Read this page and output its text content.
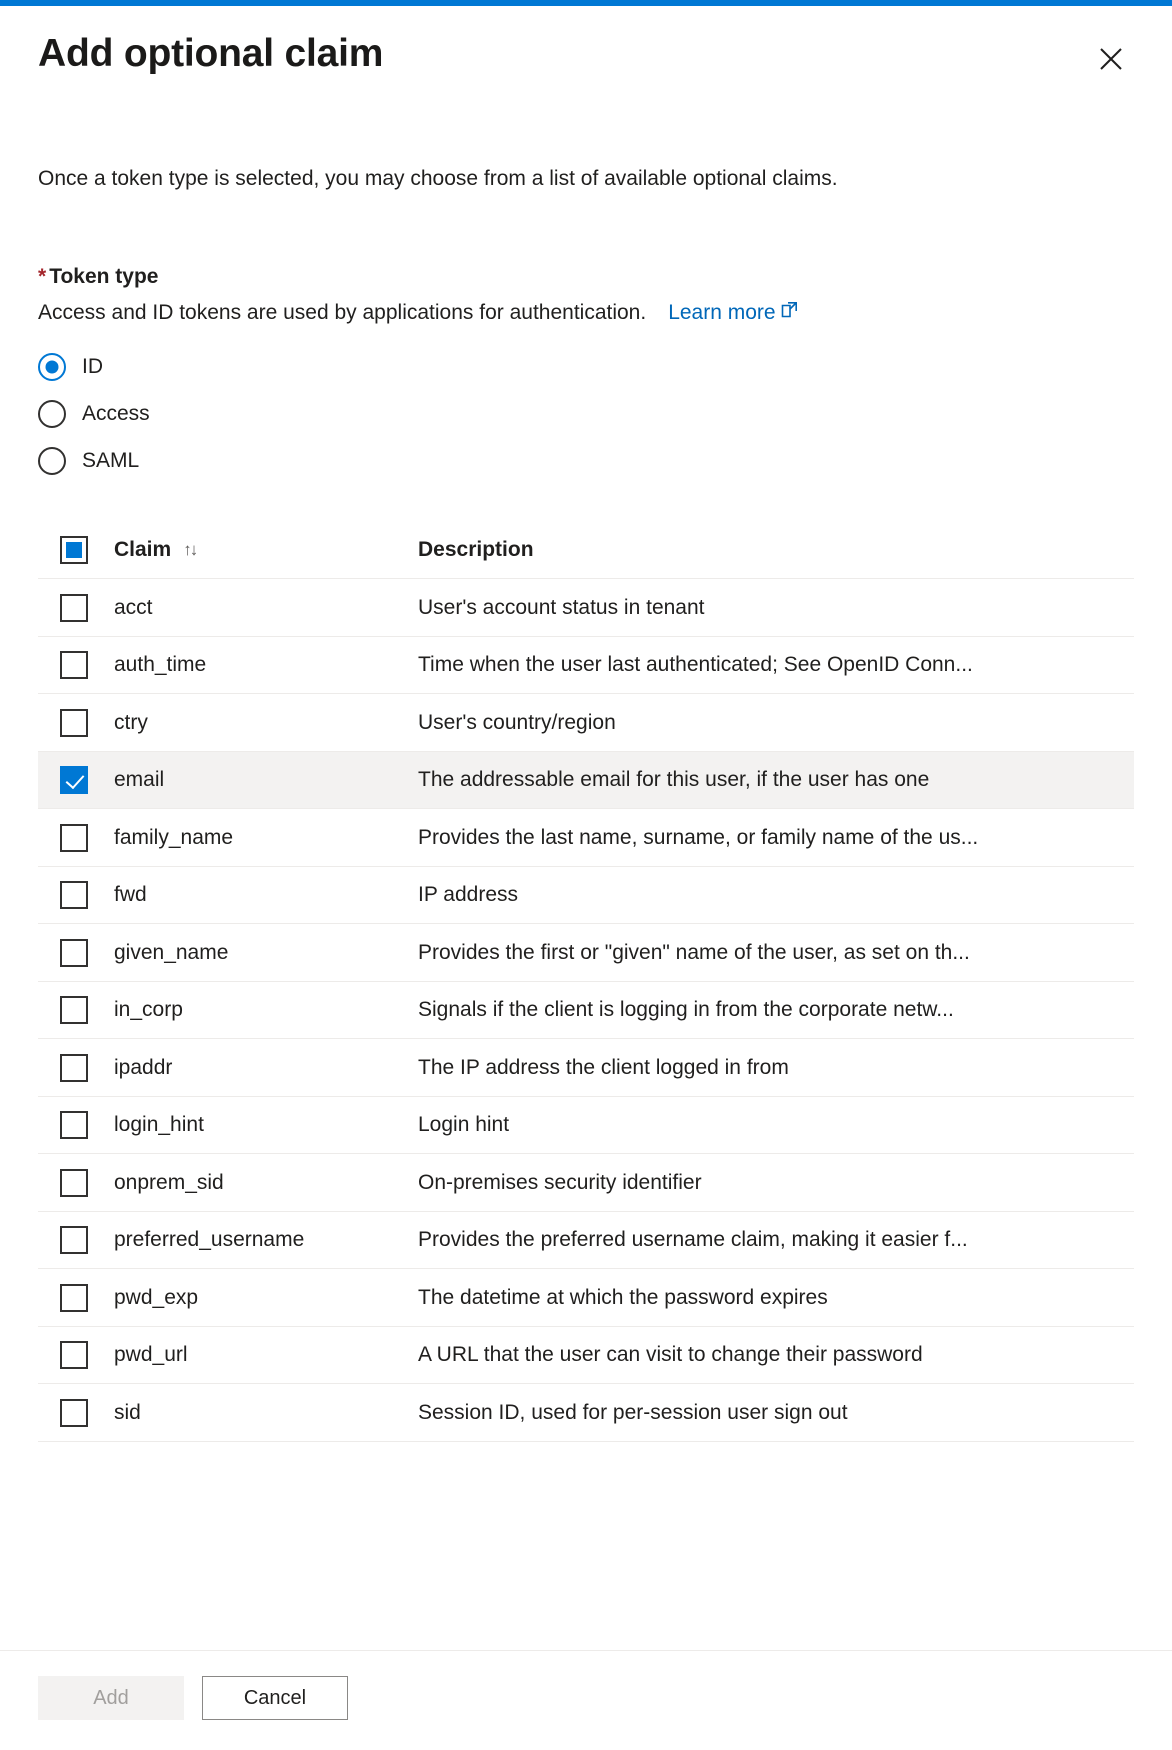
Add optional claim
Once a token type is selected, you may choose from a list of available optional claims.
* Token type
Access and ID tokens are used by applications for authentication. Learn more
ID
Access
SAML
Claim ↑↓	Description
acct	User's account status in tenant
auth_time	Time when the user last authenticated; See OpenID Conn...
ctry	User's country/region
email	The addressable email for this user, if the user has one
family_name	Provides the last name, surname, or family name of the us...
fwd	IP address
given_name	Provides the first or "given" name of the user, as set on th...
in_corp	Signals if the client is logging in from the corporate netw...
ipaddr	The IP address the client logged in from
login_hint	Login hint
onprem_sid	On-premises security identifier
preferred_username	Provides the preferred username claim, making it easier f...
pwd_exp	The datetime at which the password expires
pwd_url	A URL that the user can visit to change their password
sid	Session ID, used for per-session user sign out
Add	Cancel
